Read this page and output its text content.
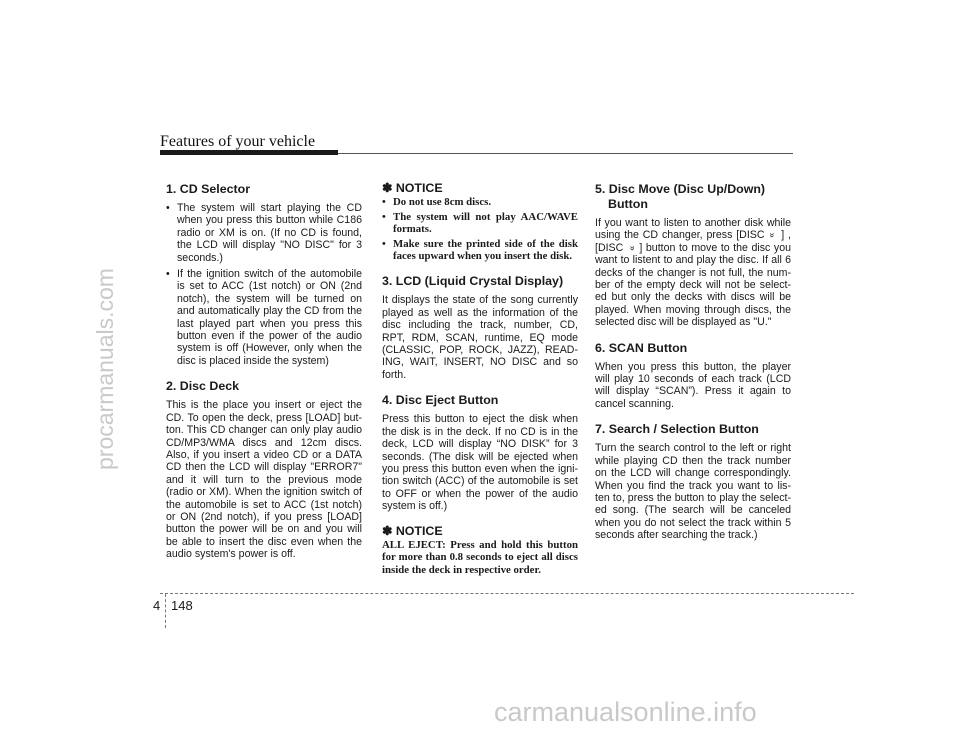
procarmanuals.com
Features of your vehicle
1. CD Selector
• The system will start playing the CD when you press this button while C186 radio or XM is on. (If no CD is found, the LCD will display "NO DISC" for 3 seconds.)
• If the ignition switch of the automobile is set to ACC (1st notch) or ON (2nd notch), the system will be turned on and automatically play the CD from the last played part when you press this button even if the power of the audio system is off (However, only when the disc is placed inside the system)
2. Disc Deck

This is the place you insert or eject the CD. To open the deck, press [LOAD] but-ton. This CD changer can only play audio CD/MP3/WMA discs and 12cm discs. Also, if you insert a video CD or a DATA CD then the LCD will display "ERROR7" and it will turn to the previous mode (radio or XM). When the ignition switch of the automobile is set to ACC (1st notch) or ON (2nd notch), if you press [LOAD] button the power will be on and you will be able to insert the disc even when the audio system's power is off.

✽ NOTICE
• Do not use 8cm discs.
• The system will not play AAC/WAVE formats.
• Make sure the printed side of the disk faces upward when you insert the disk.
3. LCD (Liquid Crystal Display)

It displays the state of the song currently played as well as the information of the disc including the track, number, CD, RPT, RDM, SCAN, runtime, EQ mode (CLASSIC, POP, ROCK, JAZZ), READ-ING, WAIT, INSERT, NO DISC and so forth.

4. Disc Eject Button

Press this button to eject the disk when the disk is in the deck. If no CD is in the deck, LCD will display “NO DISK” for 3 seconds. (The disk will be ejected when you press this button even when the igni-tion switch (ACC) of the automobile is set to OFF or when the power of the audio system is off.)

✽ NOTICE

ALL EJECT: Press and hold this button for more than 0.8 seconds to eject all discs inside the deck in respective order.

5. Disc Move (Disc Up/Down)
Button

If you want to listen to another disk while using the CD changer, press [DISC » ] , [DISC « ] button to move to the disc you want to listent to and play the disc. If all 6 decks of the changer is not full, the num-ber of the empty deck will not be select-ed but only the decks with discs will be played. When moving through discs, the selected disc will be displayed as "U."

6. SCAN Button

When you press this button, the player will play 10 seconds of each track (LCD will display “SCAN”). Press it again to cancel scanning.

7. Search / Selection Button

Turn the search control to the left or right while playing CD then the track number on the LCD will change correspondingly. When you find the track you want to lis-ten to, press the button to play the select-ed song. (The search will be canceled when you do not select the track within 5 seconds after searching the track.)

4 148
carmanualsonline.info
